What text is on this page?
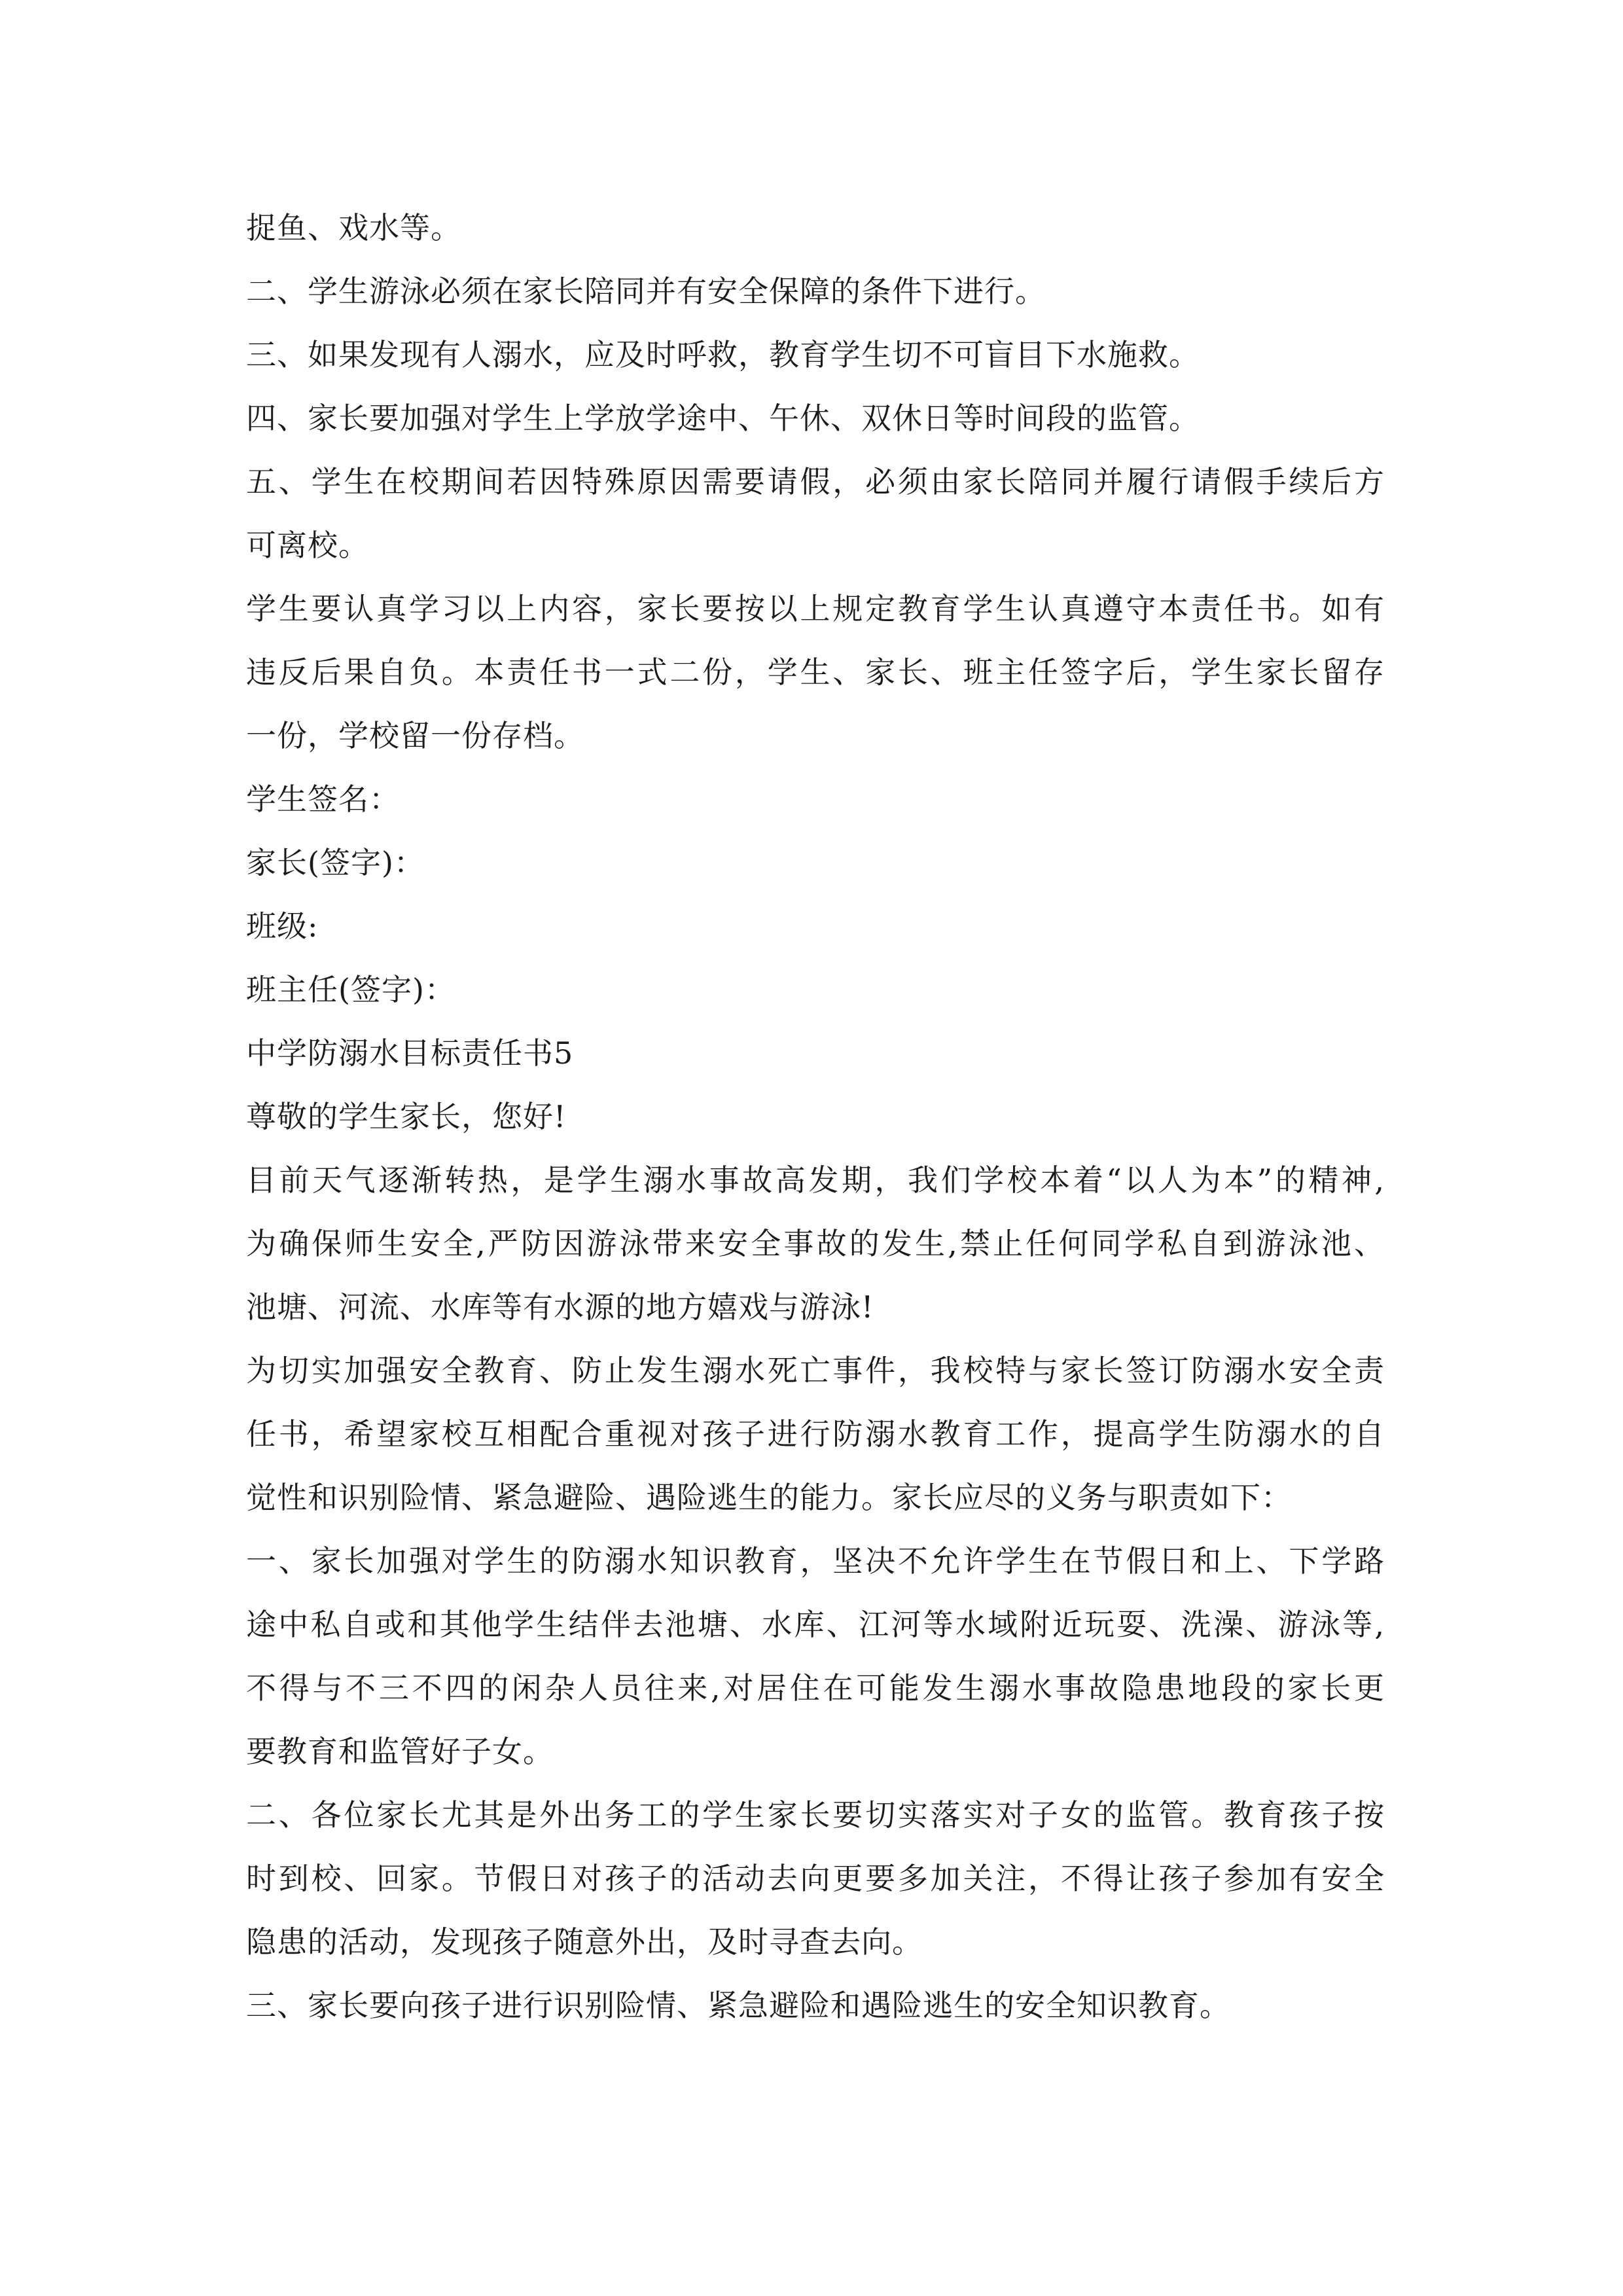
捉鱼、戏水等。
二、学生游泳必须在家长陪同并有安全保障的条件下进行。
三、如果发现有人溺水，应及时呼救，教育学生切不可盲目下水施救。
四、家长要加强对学生上学放学途中、午休、双休日等时间段的监管。
五、学生在校期间若因特殊原因需要请假，必须由家长陪同并履行请假手续后方
可离校。
学生要认真学习以上内容，家长要按以上规定教育学生认真遵守本责任书。如有
违反后果自负。本责任书一式二份，学生、家长、班主任签字后，学生家长留存
一份，学校留一份存档。
学生签名：
家长(签字)：
班级:
班主任(签字)：
中学防溺水目标责任书5
尊敬的学生家长，您好!
目前天气逐渐转热，是学生溺水事故高发期，我们学校本着“以人为本”的精神,
为确保师生安全,严防因游泳带来安全事故的发生,禁止任何同学私自到游泳池、
池塘、河流、水库等有水源的地方嬉戏与游泳!
为切实加强安全教育、防止发生溺水死亡事件，我校特与家长签订防溺水安全责
任书，希望家校互相配合重视对孩子进行防溺水教育工作，提高学生防溺水的自
觉性和识别险情、紧急避险、遇险逃生的能力。家长应尽的义务与职责如下：
一、家长加强对学生的防溺水知识教育，坚决不允许学生在节假日和上、下学路
途中私自或和其他学生结伴去池塘、水库、江河等水域附近玩耍、洗澡、游泳等,
不得与不三不四的闲杂人员往来,对居住在可能发生溺水事故隐患地段的家长更
要教育和监管好子女。
二、各位家长尤其是外出务工的学生家长要切实落实对子女的监管。教育孩子按
时到校、回家。节假日对孩子的活动去向更要多加关注，不得让孩子参加有安全
隐患的活动，发现孩子随意外出，及时寻查去向。
三、家长要向孩子进行识别险情、紧急避险和遇险逃生的安全知识教育。
